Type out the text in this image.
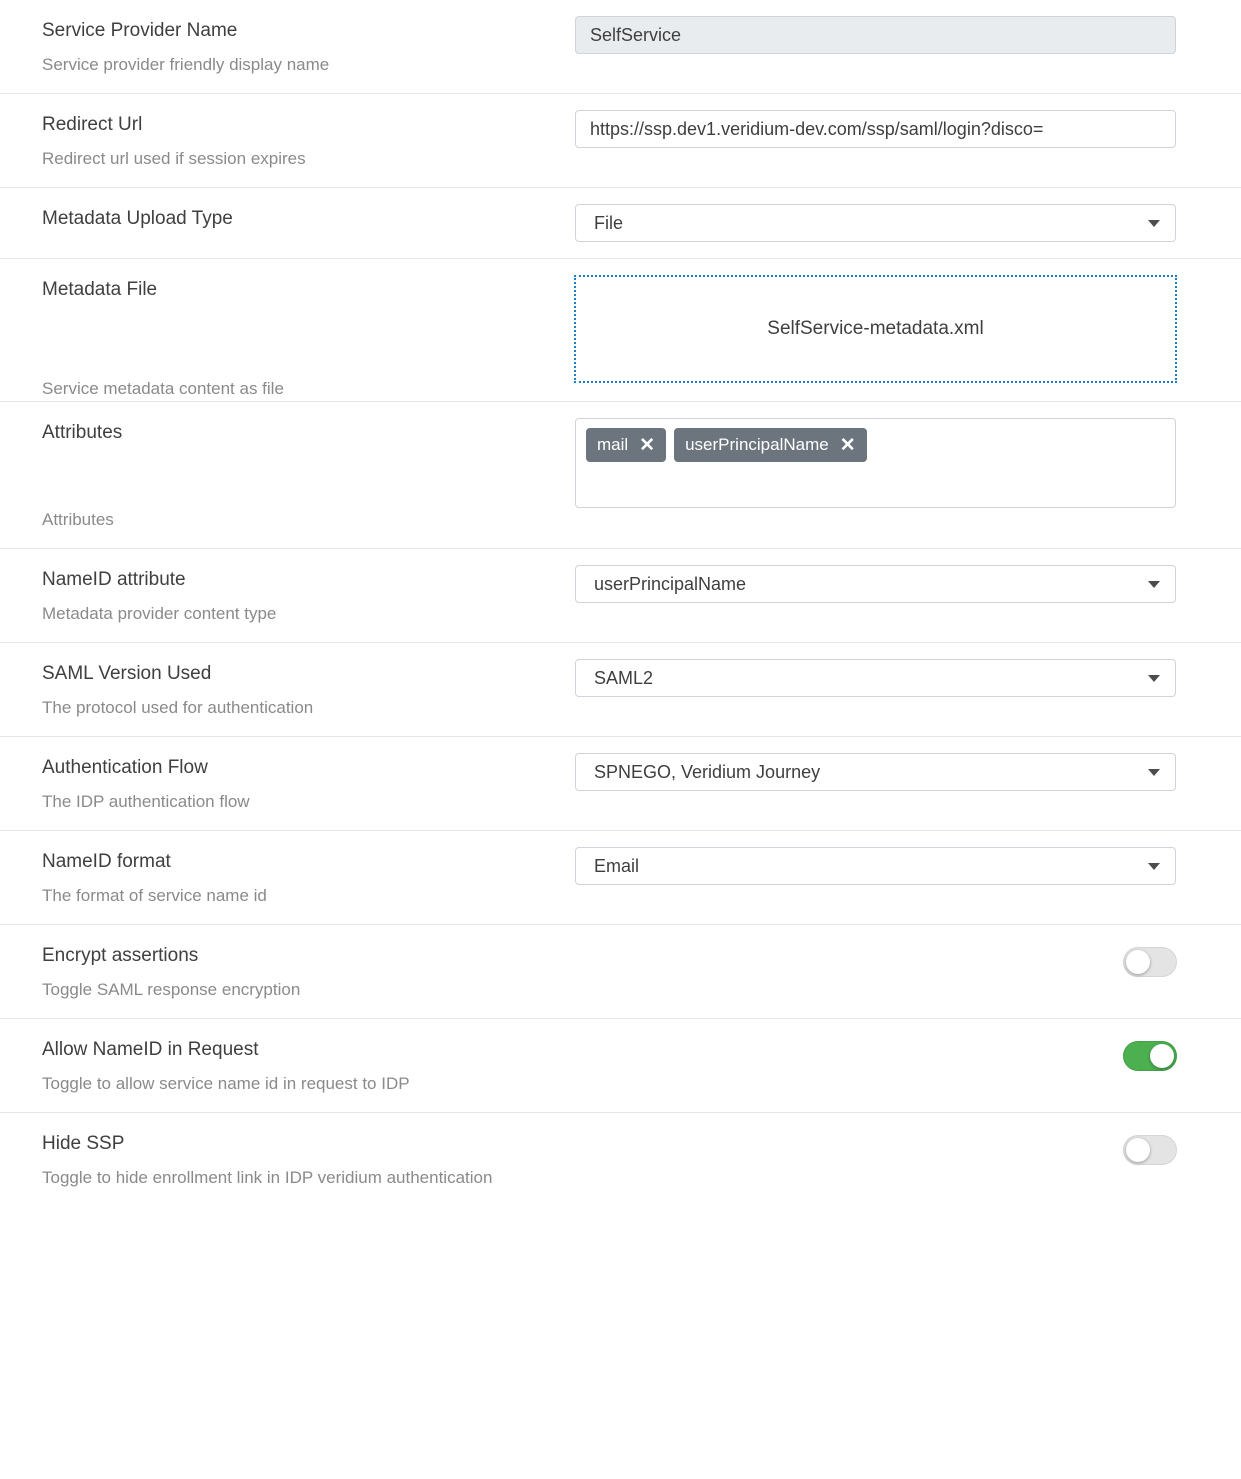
Service Provider Name
Service provider friendly display name
SelfService
Redirect Url
Redirect url used if session expires
https://ssp.dev1.veridium-dev.com/ssp/saml/login?disco=
Metadata Upload Type	File
Metadata File
Service metadata content as file
SelfService-metadata.xml
Attributes
Attributes
mail ✕ userPrincipalName ✕
NameID attribute
Metadata provider content type
userPrincipalName
SAML Version Used
The protocol used for authentication
SAML2
Authentication Flow
The IDP authentication flow
SPNEGO, Veridium Journey
NameID format
The format of service name id
Email
Encrypt assertions
Toggle SAML response encryption
Allow NameID in Request
Toggle to allow service name id in request to IDP
Hide SSP
Toggle to hide enrollment link in IDP veridium authentication
